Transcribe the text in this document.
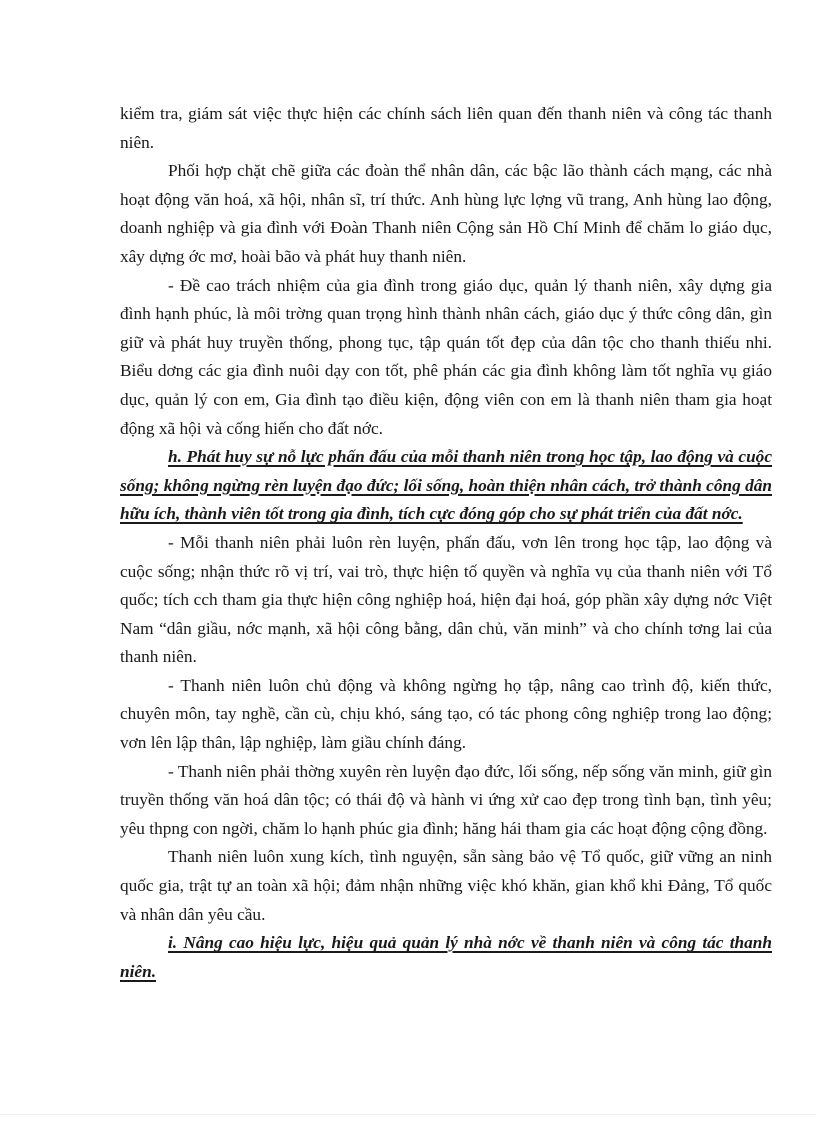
kiểm tra, giám sát việc thực hiện các chính sách liên quan đến thanh niên và công tác thanh niên.

Phối hợp chặt chẽ giữa các đoàn thể nhân dân, các bậc lão thành cách mạng, các nhà hoạt động văn hoá, xã hội, nhân sĩ, trí thức. Anh hùng lực lợng vũ trang, Anh hùng lao động, doanh nghiệp và gia đình với Đoàn Thanh niên Cộng sản Hồ Chí Minh để chăm lo giáo dục, xây dựng ớc mơ, hoài bão và phát huy thanh niên.

- Đề cao trách nhiệm của gia đình trong giáo dục, quản lý thanh niên, xây dựng gia đình hạnh phúc, là môi trờng quan trọng hình thành nhân cách, giáo dục ý thức công dân, gìn giữ và phát huy truyền thống, phong tục, tập quán tốt đẹp của dân tộc cho thanh thiếu nhi. Biểu dơng các gia đình nuôi dạy con tốt, phê phán các gia đình không làm tốt nghĩa vụ giáo dục, quản lý con em, Gia đình tạo điều kiện, động viên con em là thanh niên tham gia hoạt động xã hội và cống hiến cho đất nớc.

h. Phát huy sự nỗ lực phấn đấu của mỗi thanh niên trong học tập, lao động và cuộc sống; không ngừng rèn luyện đạo đức; lối sống, hoàn thiện nhân cách, trở thành công dân hữu ích, thành viên tốt trong gia đình, tích cực đóng góp cho sự phát triển của đất nớc.

- Mỗi thanh niên phải luôn rèn luyện, phấn đấu, vơn lên trong học tập, lao động và cuộc sống; nhận thức rõ vị trí, vai trò, thực hiện tố quyền và nghĩa vụ của thanh niên với Tổ quốc; tích cch tham gia thực hiện công nghiệp hoá, hiện đại hoá, góp phần xây dựng nớc Việt Nam “dân giầu, nớc mạnh, xã hội công bằng, dân chủ, văn minh” và cho chính tơng lai của thanh niên.

- Thanh niên luôn chủ động và không ngừng họ tập, nâng cao trình độ, kiến thức, chuyên môn, tay nghề, cần cù, chịu khó, sáng tạo, có tác phong công nghiệp trong lao động; vơn lên lập thân, lập nghiệp, làm giầu chính đáng.

- Thanh niên phải thờng xuyên rèn luyện đạo đức, lối sống, nếp sống văn minh, giữ gìn truyền thống văn hoá dân tộc; có thái độ và hành vi ứng xử cao đẹp trong tình bạn, tình yêu; yêu thpng con ngời, chăm lo hạnh phúc gia đình; hăng hái tham gia các hoạt động cộng đồng.

Thanh niên luôn xung kích, tình nguyện, sẵn sàng bảo vệ Tổ quốc, giữ vững an ninh quốc gia, trật tự an toàn xã hội; đảm nhận những việc khó khăn, gian khổ khi Đảng, Tổ quốc và nhân dân yêu cầu.

i. Nâng cao hiệu lực, hiệu quả quản lý nhà nớc về thanh niên và công tác thanh niên.
